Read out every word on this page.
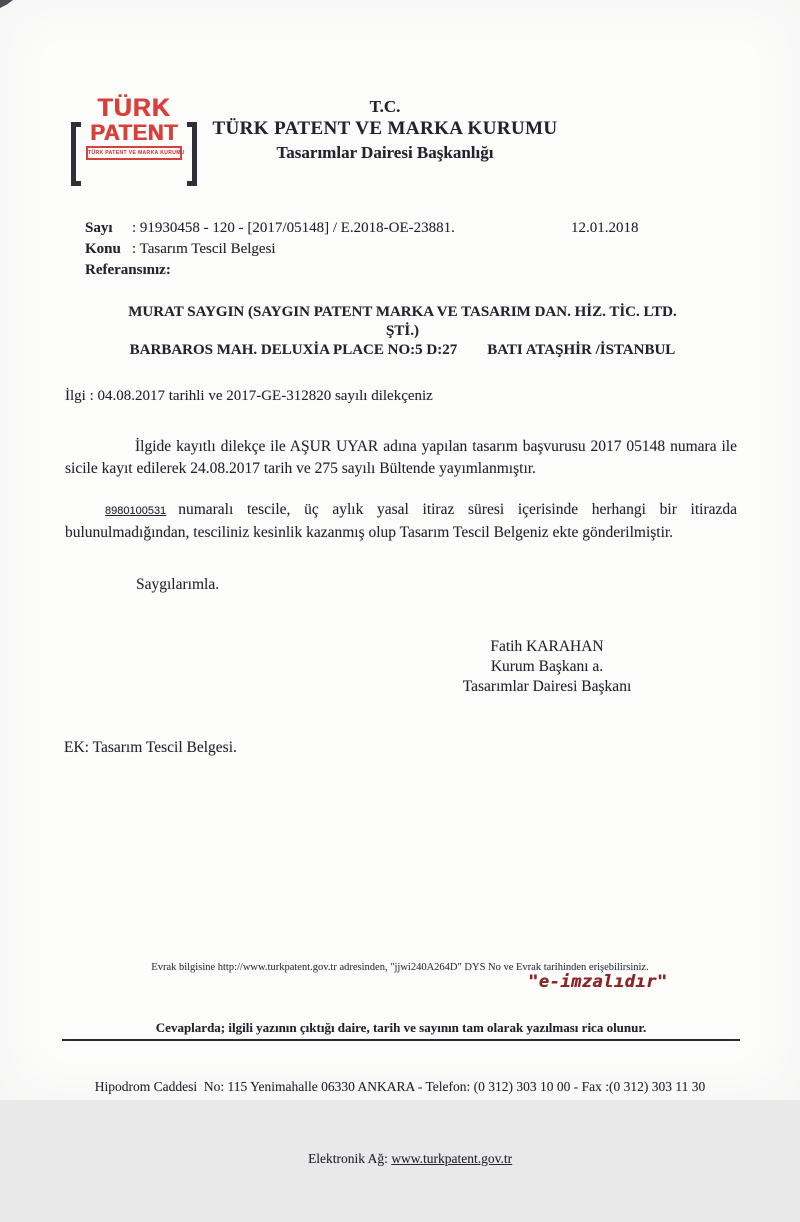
TÜRK
PATENT
TÜRK PATENT VE MARKA KURUMU
T.C.
TÜRK PATENT VE MARKA KURUMU
Tasarımlar Dairesi Başkanlığı
Sayı : 91930458 - 120 - [2017/05148] / E.2018-OE-23881.	12.01.2018
Konu : Tasarım Tescil Belgesi
Referansınız:
MURAT SAYGIN (SAYGIN PATENT MARKA VE TASARIM DAN. HİZ. TİC. LTD.
ŞTİ.)
BARBAROS MAH. DELUXİA PLACE NO:5 D:27 BATI ATAŞHİR /İSTANBUL
İlgi : 04.08.2017 tarihli ve 2017-GE-312820 sayılı dilekçeniz

İlgide kayıtlı dilekçe ile AŞUR UYAR adına yapılan tasarım başvurusu 2017 05148 numara ile sicile kayıt edilerek 24.08.2017 tarih ve 275 sayılı Bültende yayımlanmıştır.

8980100531 numaralı tescile, üç aylık yasal itiraz süresi içerisinde herhangi bir itirazda bulunulmadığından, tesciliniz kesinlik kazanmış olup Tasarım Tescil Belgeniz ekte gönderilmiştir.

Saygılarımla.
Fatih KARAHAN
Kurum Başkanı a.
Tasarımlar Dairesi Başkanı
EK: Tasarım Tescil Belgesi.
Evrak bilgisine http://www.turkpatent.gov.tr adresinden, "jjwi240A264D" DYS No ve Evrak tarihinden erişebilirsiniz.
"e-imzalıdır"
Cevaplarda; ilgili yazının çıktığı daire, tarih ve sayının tam olarak yazılması rica olunur.

Hipodrom Caddesi  No: 115 Yenimahalle 06330 ANKARA - Telefon: (0 312) 303 10 00 - Fax :(0 312) 303 11 30

Elektronik Ağ: www.turkpatent.gov.tr
